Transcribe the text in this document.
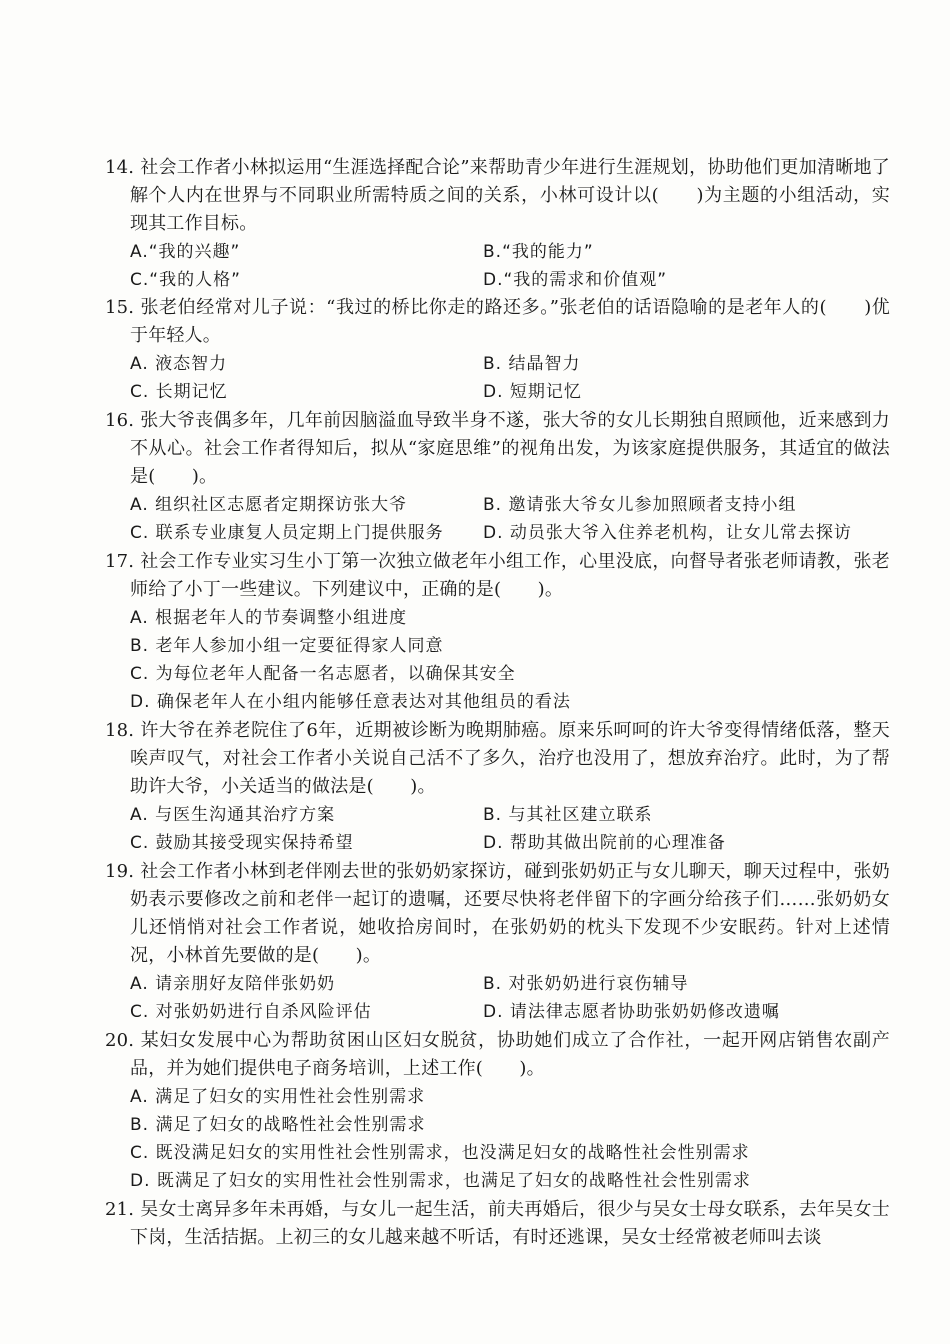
14. 社会工作者小林拟运用“生涯选择配合论”来帮助青少年进行生涯规划，协助他们更加清晰地了解个人内在世界与不同职业所需特质之间的关系，小林可设计以(　　)为主题的小组活动，实现其工作目标。
A.“我的兴趣”	B.“我的能力”
C.“我的人格”	D.“我的需求和价值观”
15. 张老伯经常对儿子说：“我过的桥比你走的路还多。”张老伯的话语隐喻的是老年人的(　　)优于年轻人。
A. 液态智力	B. 结晶智力
C. 长期记忆	D. 短期记忆
16. 张大爷丧偶多年，几年前因脑溢血导致半身不遂，张大爷的女儿长期独自照顾他，近来感到力不从心。社会工作者得知后，拟从“家庭思维”的视角出发，为该家庭提供服务，其适宜的做法是(　　)。
A. 组织社区志愿者定期探访张大爷	B. 邀请张大爷女儿参加照顾者支持小组
C. 联系专业康复人员定期上门提供服务 D. 动员张大爷入住养老机构，让女儿常去探访
17. 社会工作专业实习生小丁第一次独立做老年小组工作，心里没底，向督导者张老师请教，张老师给了小丁一些建议。下列建议中，正确的是(　　)。
A. 根据老年人的节奏调整小组进度
B. 老年人参加小组一定要征得家人同意
C. 为每位老年人配备一名志愿者，以确保其安全
D. 确保老年人在小组内能够任意表达对其他组员的看法
18. 许大爷在养老院住了6年，近期被诊断为晚期肺癌。原来乐呵呵的许大爷变得情绪低落，整天唉声叹气，对社会工作者小关说自己活不了多久，治疗也没用了，想放弃治疗。此时，为了帮助许大爷，小关适当的做法是(　　)。
A. 与医生沟通其治疗方案	B. 与其社区建立联系
C. 鼓励其接受现实保持希望	D. 帮助其做出院前的心理准备
19. 社会工作者小林到老伴刚去世的张奶奶家探访，碰到张奶奶正与女儿聊天，聊天过程中，张奶奶表示要修改之前和老伴一起订的遗嘱，还要尽快将老伴留下的字画分给孩子们……张奶奶女儿还悄悄对社会工作者说，她收拾房间时，在张奶奶的枕头下发现不少安眠药。针对上述情况，小林首先要做的是(　　)。
A. 请亲朋好友陪伴张奶奶	B. 对张奶奶进行哀伤辅导
C. 对张奶奶进行自杀风险评估	D. 请法律志愿者协助张奶奶修改遗嘱
20. 某妇女发展中心为帮助贫困山区妇女脱贫，协助她们成立了合作社，一起开网店销售农副产品，并为她们提供电子商务培训，上述工作(　　)。
A. 满足了妇女的实用性社会性别需求
B. 满足了妇女的战略性社会性别需求
C. 既没满足妇女的实用性社会性别需求，也没满足妇女的战略性社会性别需求
D. 既满足了妇女的实用性社会性别需求，也满足了妇女的战略性社会性别需求
21. 吴女士离异多年未再婚，与女儿一起生活，前夫再婚后，很少与吴女士母女联系，去年吴女士下岗，生活拮据。上初三的女儿越来越不听话，有时还逃课，吴女士经常被老师叫去谈
